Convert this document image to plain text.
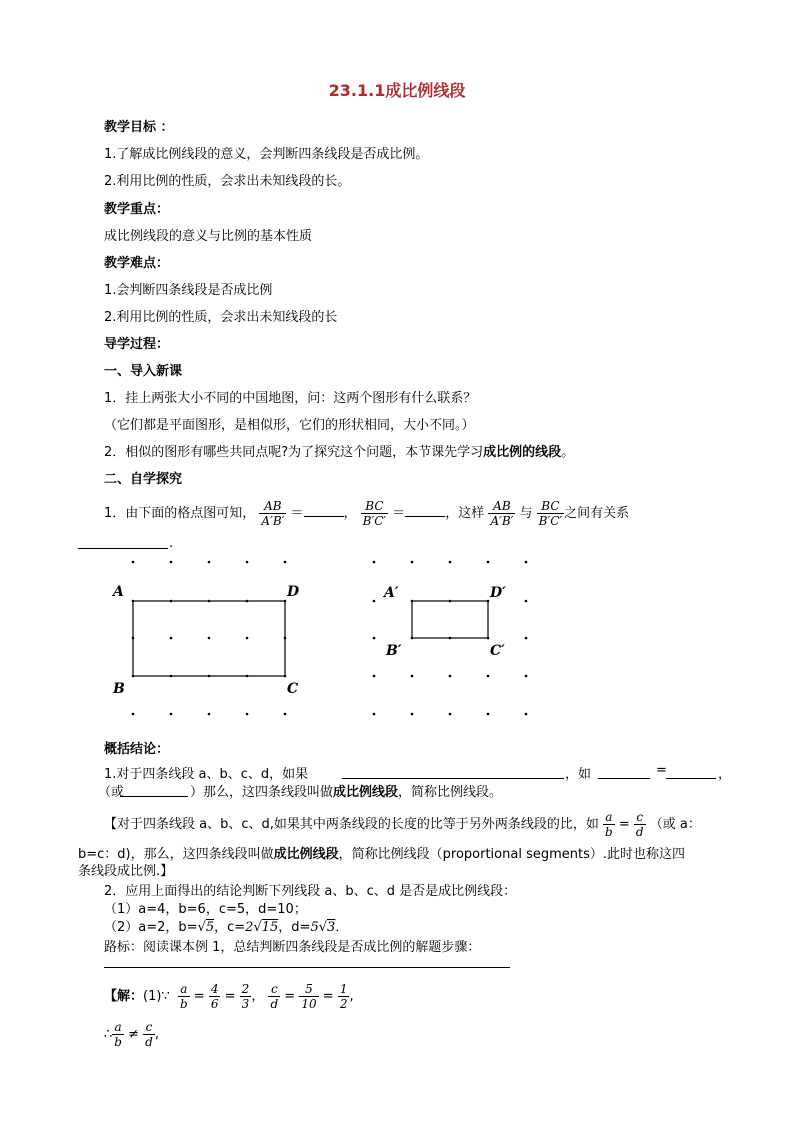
23.1.1成比例线段
教学目标 ：
1.了解成比例线段的意义，会判断四条线段是否成比例。
2.利用比例的性质，会求出未知线段的长。
教学重点：
成比例线段的意义与比例的基本性质
教学难点：
1.会判断四条线段是否成比例
2.利用比例的性质，会求出未知线段的长
导学过程：
一、导入新课
1．挂上两张大小不同的中国地图，问：这两个图形有什么联系？
（它们都是平面图形，是相似形，它们的形状相同，大小不同。）
2．相似的图形有哪些共同点呢?为了探究这个问题，本节课先学习成比例的线段。
二、自学探究
1．由下面的格点图可知， $\frac{AB}{A'B'}$ ＝	， $\frac{BC}{B'C'}$ ＝	，这样 $\frac{AB}{A'B'}$ 与 $\frac{BC}{B'C'}$ 之间有关系
.
A	D
B	C
A′	D′
B′	C′
概括结论：
1.对于四条线段 a、b、c、d，如果	，如	=	，
（或	）那么，这四条线段叫做成比例线段，简称比例线段。
【对于四条线段 a、b、c、d,如果其中两条线段的长度的比等于另外两条线段的比，如 $\frac{a}{b} = \frac{c}{d}$ （或 a：
b=c：d)，那么，这四条线段叫做成比例线段，简称比例线段（proportional segments）.此时也称这四
条线段成比例.】
2．应用上面得出的结论判断下列线段 a、b、c、d 是否是成比例线段：
（1）a=4，b=6，c=5，d=10；
（2）a=2，b=√5，c=2√15，d=5√3．
路标：阅读课本例 1，总结判断四条线段是否成比例的解题步骤：
【解：(1)∵ $\frac{a}{b} = \frac{4}{6} = \frac{2}{3}$ ， $\frac{c}{d} = \frac{5}{10} = \frac{1}{2}$ ,
∴ $\frac{a}{b} \ne \frac{c}{d}$ ,
